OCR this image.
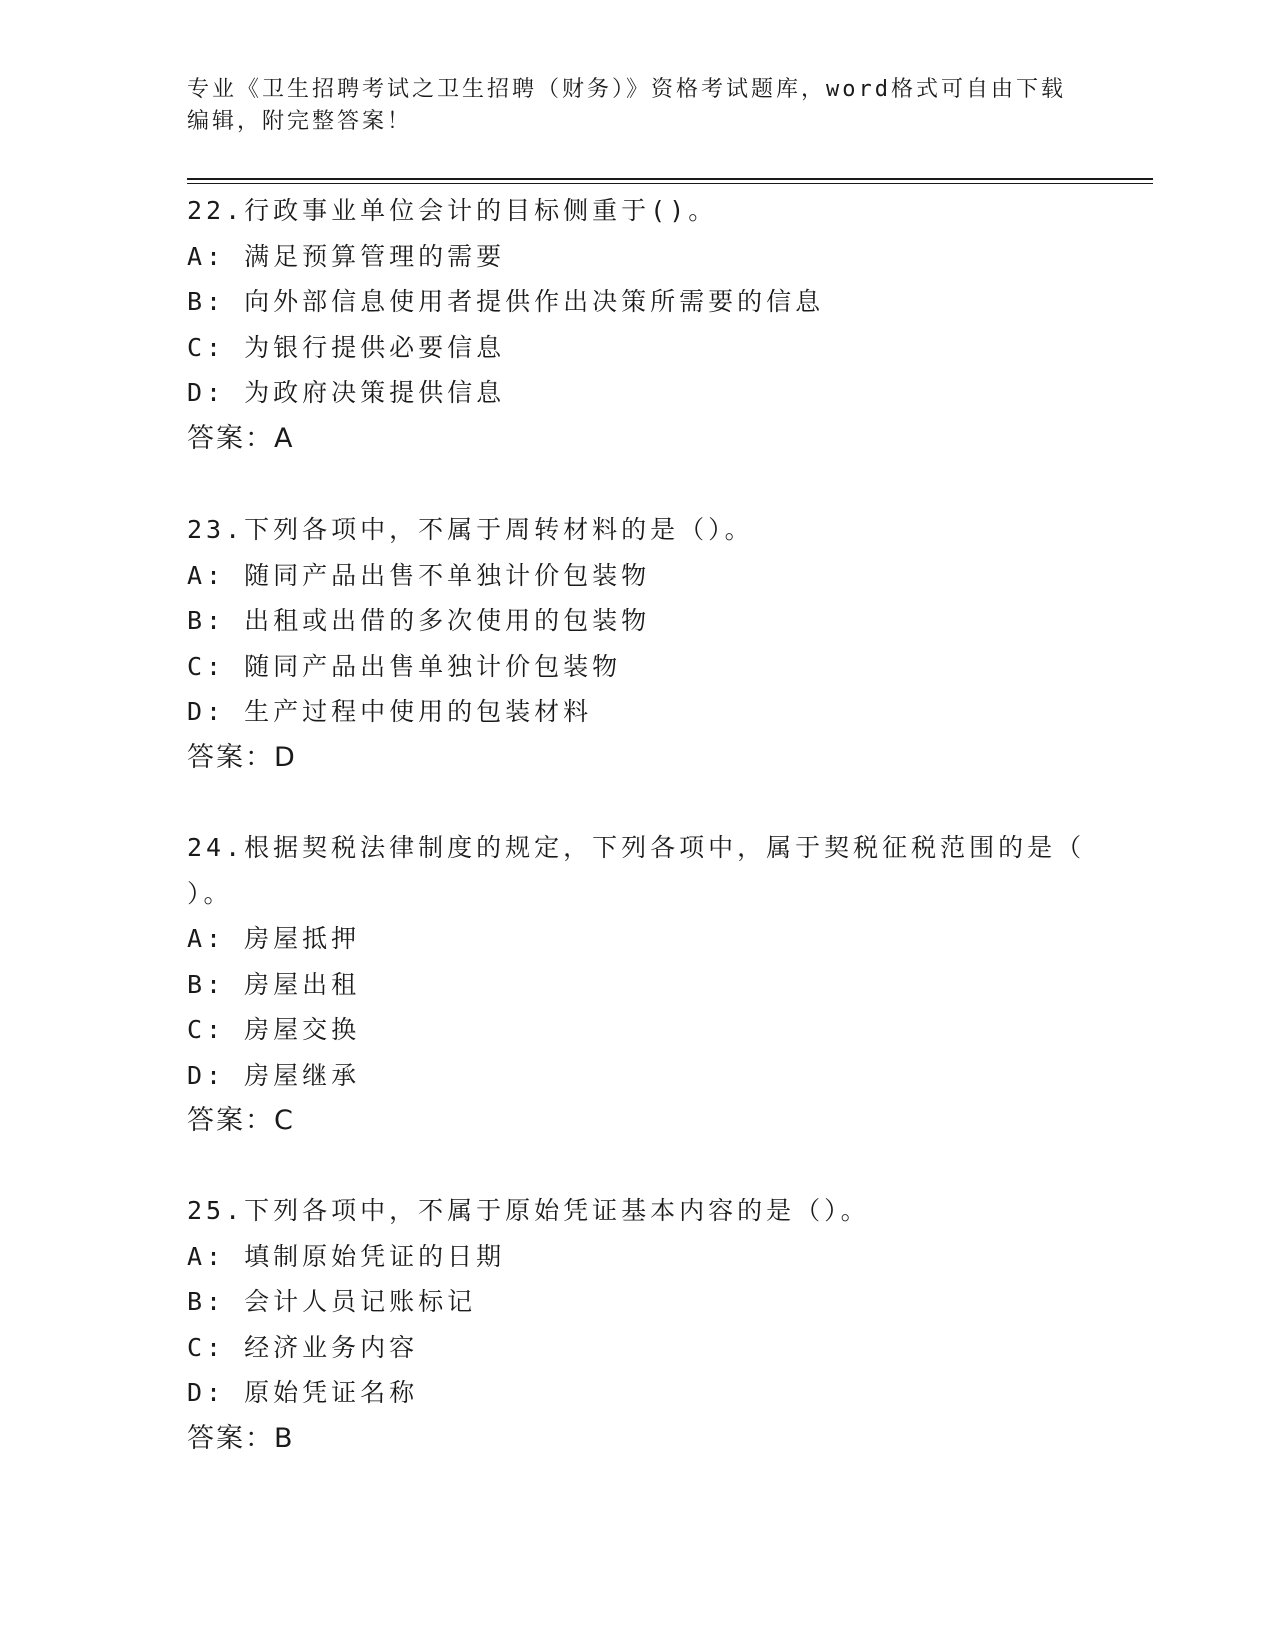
专业《卫生招聘考试之卫生招聘（财务）》资格考试题库，word格式可自由下载
编辑，附完整答案！
22.行政事业单位会计的目标侧重于()。
A: 满足预算管理的需要
B: 向外部信息使用者提供作出决策所需要的信息
C: 为银行提供必要信息
D: 为政府决策提供信息
答案：A
23.下列各项中，不属于周转材料的是（）。
A: 随同产品出售不单独计价包装物
B: 出租或出借的多次使用的包装物
C: 随同产品出售单独计价包装物
D: 生产过程中使用的包装材料
答案：D
24.根据契税法律制度的规定，下列各项中，属于契税征税范围的是（
）。
A: 房屋抵押
B: 房屋出租
C: 房屋交换
D: 房屋继承
答案：C
25.下列各项中，不属于原始凭证基本内容的是（）。
A: 填制原始凭证的日期
B: 会计人员记账标记
C: 经济业务内容
D: 原始凭证名称
答案：B
